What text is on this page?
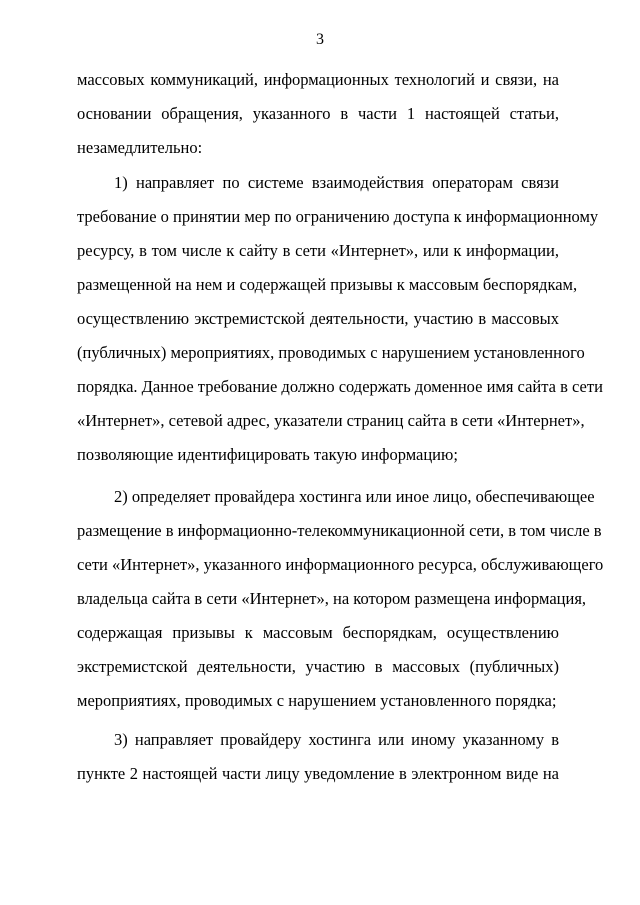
3
массовых коммуникаций, информационных технологий и связи, на
основании обращения, указанного в части 1 настоящей статьи,
незамедлительно:
1) направляет по системе взаимодействия операторам связи
требование о принятии мер по ограничению доступа к информационному
ресурсу, в том числе к сайту в сети «Интернет», или к информации,
размещенной на нем и содержащей призывы к массовым беспорядкам,
осуществлению экстремистской деятельности, участию в массовых
(публичных) мероприятиях, проводимых с нарушением установленного
порядка. Данное требование должно содержать доменное имя сайта в сети
«Интернет», сетевой адрес, указатели страниц сайта в сети «Интернет»,
позволяющие идентифицировать такую информацию;
2) определяет провайдера хостинга или иное лицо, обеспечивающее
размещение в информационно-телекоммуникационной сети, в том числе в
сети «Интернет», указанного информационного ресурса, обслуживающего
владельца сайта в сети «Интернет», на котором размещена информация,
содержащая призывы к массовым беспорядкам, осуществлению
экстремистской деятельности, участию в массовых (публичных)
мероприятиях, проводимых с нарушением установленного порядка;
3) направляет провайдеру хостинга или иному указанному в
пункте 2 настоящей части лицу уведомление в электронном виде на
